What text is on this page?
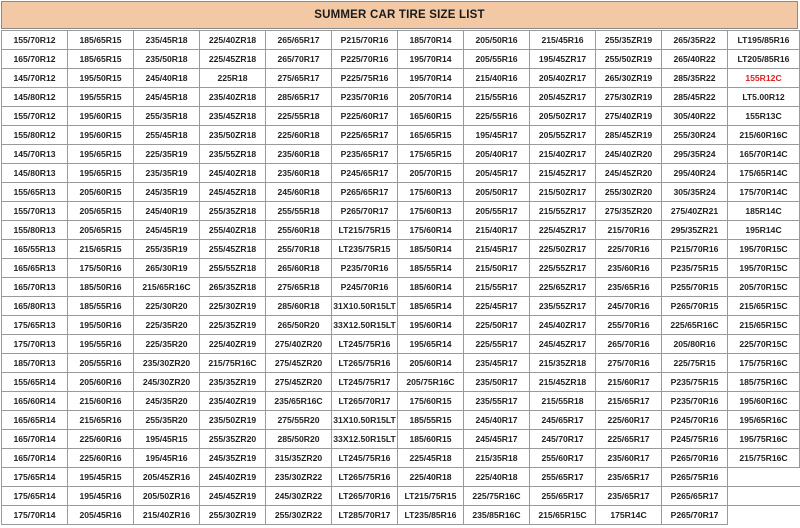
SUMMER CAR TIRE SIZE LIST
155/70R12	185/65R15	235/45R18	225/40ZR18	265/65R17	P215/70R16	185/70R14	205/50R16	215/45R16	255/35ZR19	265/35R22	LT195/85R16
165/70R12	185/65R15	235/50R18	225/45ZR18	265/70R17	P225/70R16	195/70R14	205/55R16	195/45ZR17	255/50ZR19	265/40R22	LT205/85R16
145/70R12	195/50R15	245/40R18	225R18	275/65R17	P225/75R16	195/70R14	215/40R16	205/40ZR17	265/30ZR19	285/35R22	155R12C
145/80R12	195/55R15	245/45R18	235/40ZR18	285/65R17	P235/70R16	205/70R14	215/55R16	205/45ZR17	275/30ZR19	285/45R22	LT5.00R12
155/70R12	195/60R15	255/35R18	235/45ZR18	225/55R18	P225/60R17	165/60R15	225/55R16	205/50ZR17	275/40ZR19	305/40R22	155R13C
155/80R12	195/60R15	255/45R18	235/50ZR18	225/60R18	P225/65R17	165/65R15	195/45R17	205/55ZR17	285/45ZR19	255/30R24	215/60R16C
145/70R13	195/65R15	225/35R19	235/55ZR18	235/60R18	P235/65R17	175/65R15	205/40R17	215/40ZR17	245/40ZR20	295/35R24	165/70R14C
145/80R13	195/65R15	235/35R19	245/40ZR18	235/60R18	P245/65R17	205/70R15	205/45R17	215/45ZR17	245/45ZR20	295/40R24	175/65R14C
155/65R13	205/60R15	245/35R19	245/45ZR18	245/60R18	P265/65R17	175/60R13	205/50R17	215/50ZR17	255/30ZR20	305/35R24	175/70R14C
155/70R13	205/65R15	245/40R19	255/35ZR18	255/55R18	P265/70R17	175/60R13	205/55R17	215/55ZR17	275/35ZR20	275/40ZR21	185R14C
155/80R13	205/65R15	245/45R19	255/40ZR18	255/60R18	LT215/75R15	175/60R14	215/40R17	225/45ZR17	215/70R16	295/35ZR21	195R14C
165/55R13	215/65R15	255/35R19	255/45ZR18	255/70R18	LT235/75R15	185/50R14	215/45R17	225/50ZR17	225/70R16	P215/70R16	195/70R15C
165/65R13	175/50R16	265/30R19	255/55ZR18	265/60R18	P235/70R16	185/55R14	215/50R17	225/55ZR17	235/60R16	P235/75R15	195/70R15C
165/70R13	185/50R16	215/65R16C	265/35ZR18	275/65R18	P245/70R16	185/60R14	215/55R17	225/65ZR17	235/65R16	P255/70R15	205/70R15C
165/80R13	185/55R16	225/30R20	225/30ZR19	285/60R18	31X10.50R15LT	185/65R14	225/45R17	235/55ZR17	245/70R16	P265/70R15	215/65R15C
175/65R13	195/50R16	225/35R20	225/35ZR19	265/50R20	33X12.50R15LT	195/60R14	225/50R17	245/40ZR17	255/70R16	225/65R16C	215/65R15C
175/70R13	195/55R16	225/35R20	225/40ZR19	275/40ZR20	LT245/75R16	195/65R14	225/55R17	245/45ZR17	265/70R16	205/80R16	225/70R15C
185/70R13	205/55R16	235/30ZR20	215/75R16C	275/45ZR20	LT265/75R16	205/60R14	235/45R17	215/35ZR18	275/70R16	225/75R15	175/75R16C
155/65R14	205/60R16	245/30ZR20	235/35ZR19	275/45ZR20	LT245/75R17	205/75R16C	235/50R17	215/45ZR18	215/60R17	P235/75R15	185/75R16C
165/60R14	215/60R16	245/35R20	235/40ZR19	235/65R16C	LT265/70R17	175/60R15	235/55R17	215/55R18	215/65R17	P235/70R16	195/60R16C
165/65R14	215/65R16	255/35R20	235/50ZR19	275/55R20	31X10.50R15LT	185/55R15	245/40R17	245/65R17	225/60R17	P245/70R16	195/65R16C
165/70R14	225/60R16	195/45R15	255/35ZR20	285/50R20	33X12.50R15LT	185/60R15	245/45R17	245/70R17	225/65R17	P245/75R16	195/75R16C
165/70R14	225/60R16	195/45R16	245/35ZR19	315/35ZR20	LT245/75R16	225/45R18	215/35R18	255/60R17	235/60R17	P265/70R16	215/75R16C
175/65R14	195/45R15	205/45ZR16	245/40ZR19	235/30ZR22	LT265/75R16	225/40R18	225/40R18	255/65R17	235/65R17	P265/75R16	
175/65R14	195/45R16	205/50ZR16	245/45ZR19	245/30ZR22	LT265/70R16	LT215/75R15	225/75R16C	255/65R17	235/65R17	P265/65R17	
175/70R14	205/45R16	215/40ZR16	255/30ZR19	255/30ZR22	LT285/70R17	LT235/85R16	235/85R16C	215/65R15C	175R14C	P265/70R17	
